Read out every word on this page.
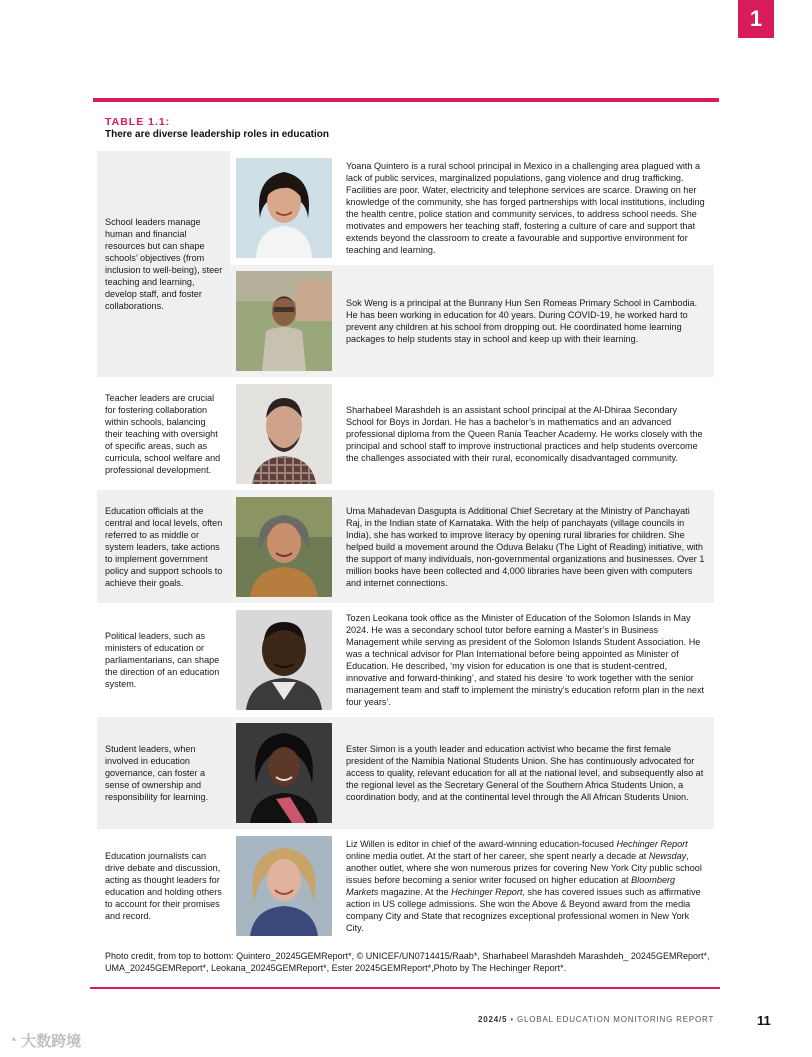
1
TABLE 1.1:
There are diverse leadership roles in education
School leaders manage human and financial resources but can shape schools’ objectives (from inclusion to well-being), steer teaching and learning, develop staff, and foster collaborations.
Yoana Quintero is a rural school principal in Mexico in a challenging area plagued with a lack of public services, marginalized populations, gang violence and drug trafficking. Facilities are poor. Water, electricity and telephone services are scarce. Drawing on her knowledge of the community, she has forged partnerships with local institutions, including the health centre, police station and community services, to address school needs. She motivates and empowers her teaching staff, fostering a culture of care and support that extends beyond the classroom to create a favourable and supportive environment for teaching and learning.
Sok Weng is a principal at the Bunrany Hun Sen Romeas Primary School in Cambodia. He has been working in education for 40 years. During COVID-19, he worked hard to prevent any children at his school from dropping out. He coordinated home learning packages to help students stay in school and keep up with their learning.
Teacher leaders are crucial for fostering collaboration within schools, balancing their teaching with oversight of specific areas, such as curricula, school welfare and professional development.
Sharhabeel Marashdeh is an assistant school principal at the Al-Dhiraa Secondary School for Boys in Jordan. He has a bachelor’s in mathematics and an advanced professional diploma from the Queen Rania Teacher Academy. He works closely with the principal and school staff to improve instructional practices and help students overcome the challenges associated with their rural, economically disadvantaged community.
Education officials at the central and local levels, often referred to as middle or system leaders, take actions to implement government policy and support schools to achieve their goals.
Uma Mahadevan Dasgupta is Additional Chief Secretary at the Ministry of Panchayati Raj, in the Indian state of Karnataka. With the help of panchayats (village councils in India), she has worked to improve literacy by opening rural libraries for children. She helped build a movement around the Oduva Belaku (The Light of Reading) initiative, with the support of many individuals, non-governmental organizations and businesses. Over 1 million books have been collected and 4,000 libraries have been given with computers and internet connections.
Political leaders, such as ministers of education or parliamentarians, can shape the direction of an education system.
Tozen Leokana took office as the Minister of Education of the Solomon Islands in May 2024. He was a secondary school tutor before earning a Master’s in Business Management while serving as president of the Solomon Islands Student Association. He was a technical advisor for Plan International before being appointed as Minister of Education. He described, ‘my vision for education is one that is student-centred, innovative and forward-thinking’, and stated his desire ‘to work together with the senior management team and staff to implement the ministry’s education reform plan in the next four years’.
Student leaders, when involved in education governance, can foster a sense of ownership and responsibility for learning.
Ester Simon is a youth leader and education activist who became the first female president of the Namibia National Students Union. She has continuously advocated for access to quality, relevant education for all at the national level, and subsequently also at the regional level as the Secretary General of the Southern Africa Students Union, a coordination body, and at the continental level through the All African Students Union.
Education journalists can drive debate and discussion, acting as thought leaders for education and holding others to account for their promises and record.
Liz Willen is editor in chief of the award-winning education-focused Hechinger Report online media outlet. At the start of her career, she spent nearly a decade at Newsday, another outlet, where she won numerous prizes for covering New York City public school issues before becoming a senior writer focused on higher education at Bloomberg Markets magazine. At the Hechinger Report, she has covered issues such as affirmative action in US college admissions. She won the Above & Beyond award from the media company City and State that recognizes exceptional professional women in New York City.
Photo credit, from top to bottom: Quintero_20245GEMReport*, © UNICEF/UN0714415/Raab*, Sharhabeel Marashdeh Marashdeh_ 20245GEMReport*, UMA_20245GEMReport*, Leokana_20245GEMReport*, Ester 20245GEMReport*,Photo by The Hechinger Report*.
2024/5 • GLOBAL EDUCATION MONITORING REPORT	11
◔ 大数跨境
